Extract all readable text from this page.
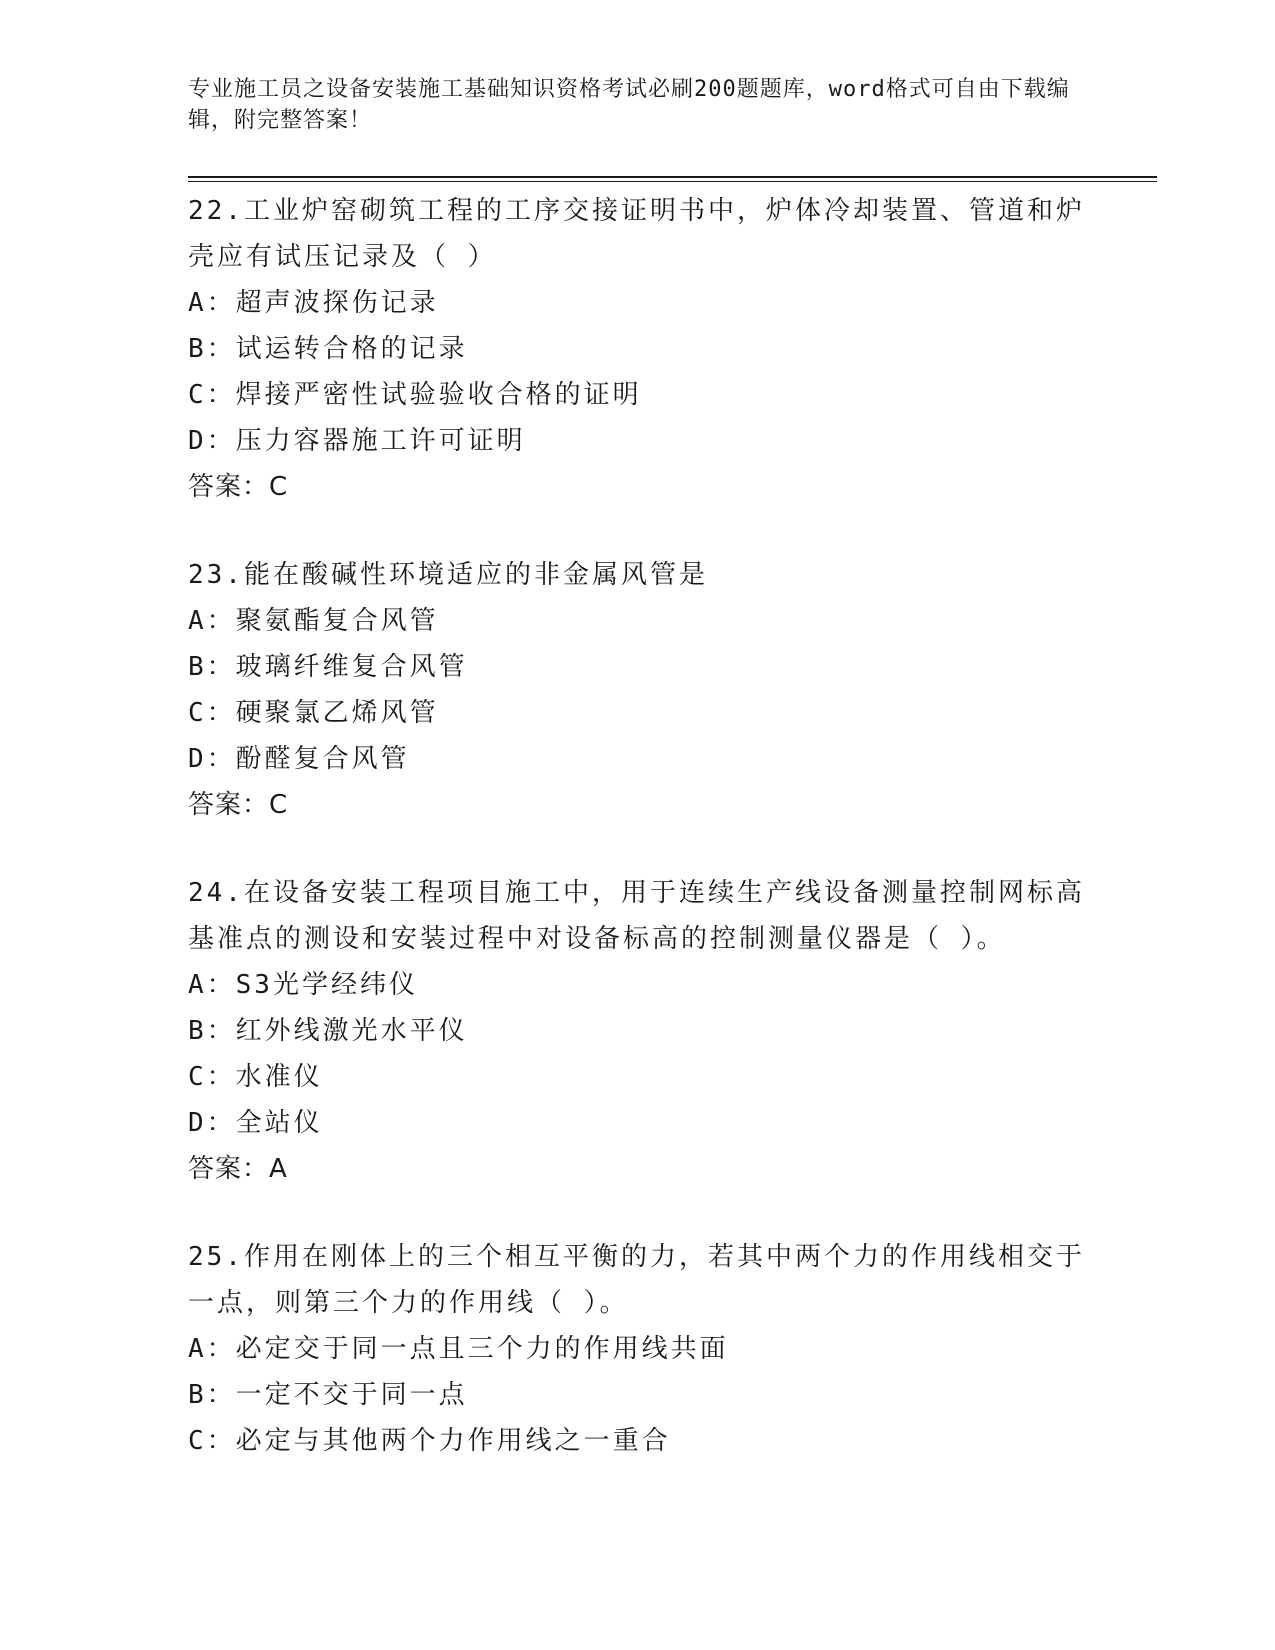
专业施工员之设备安装施工基础知识资格考试必刷200题题库，word格式可自由下载编辑，附完整答案！
22.工业炉窑砌筑工程的工序交接证明书中，炉体冷却装置、管道和炉壳应有试压记录及（ ）
A：超声波探伤记录
B：试运转合格的记录
C：焊接严密性试验验收合格的证明
D：压力容器施工许可证明
答案：C
23.能在酸碱性环境适应的非金属风管是
A：聚氨酯复合风管
B：玻璃纤维复合风管
C：硬聚氯乙烯风管
D：酚醛复合风管
答案：C
24.在设备安装工程项目施工中，用于连续生产线设备测量控制网标高基准点的测设和安装过程中对设备标高的控制测量仪器是（ ）。
A：S3光学经纬仪
B：红外线激光水平仪
C：水准仪
D：全站仪
答案：A
25.作用在刚体上的三个相互平衡的力，若其中两个力的作用线相交于一点，则第三个力的作用线（ ）。
A：必定交于同一点且三个力的作用线共面
B：一定不交于同一点
C：必定与其他两个力作用线之一重合
